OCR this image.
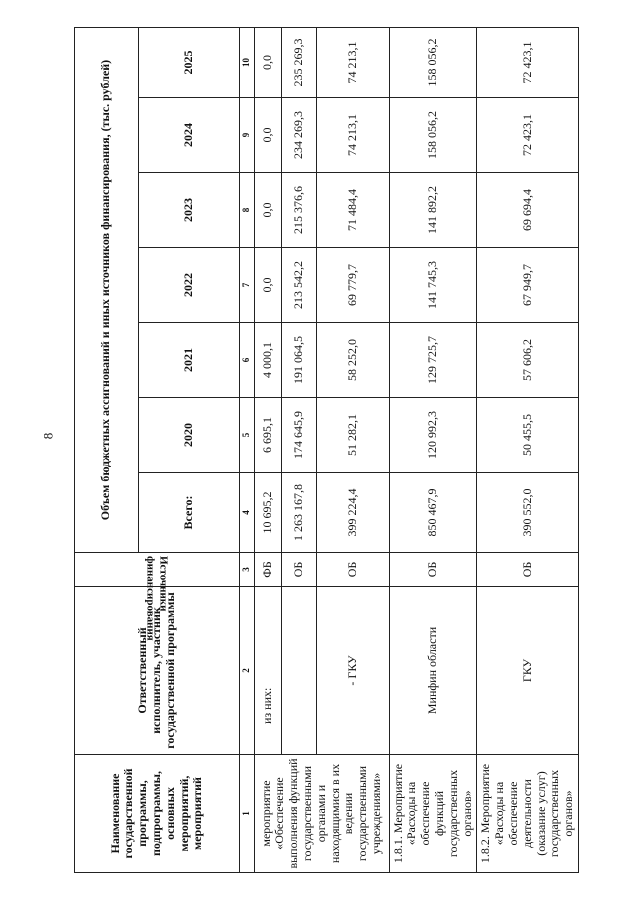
8
Наименование государственной программы, подпрограммы, основных мероприятий, мероприятий	Ответственный исполнитель, участник государственной программы	Источники финансирования	Объем бюджетных ассигнований и иных источников финансирования, (тыс. рублей)						
			Всего:	2020	2021	2022	2023	2024	2025
1	2	3	4	5	6	7	8	9	10
мероприятие «Обеспечение выполнения функций государственными органами и находящимися в их ведении государственными учреждениями»	из них:	ФБ	10 695,2	6 695,1	4 000,1	0,0	0,0	0,0	0,0
		ОБ	1 263 167,8	174 645,9	191 064,5	213 542,2	215 376,6	234 269,3	235 269,3
	- ГКУ	ОБ	399 224,4	51 282,1	58 252,0	69 779,7	71 484,4	74 213,1	74 213,1
1.8.1. Мероприятие «Расходы на обеспечение функций государственных органов»	Минфин области	ОБ	850 467,9	120 992,3	129 725,7	141 745,3	141 892,2	158 056,2	158 056,2
1.8.2. Мероприятие «Расходы на обеспечение деятельности (оказание услуг) государственных органов»	ГКУ	ОБ	390 552,0	50 455,5	57 606,2	67 949,7	69 694,4	72 423,1	72 423,1
